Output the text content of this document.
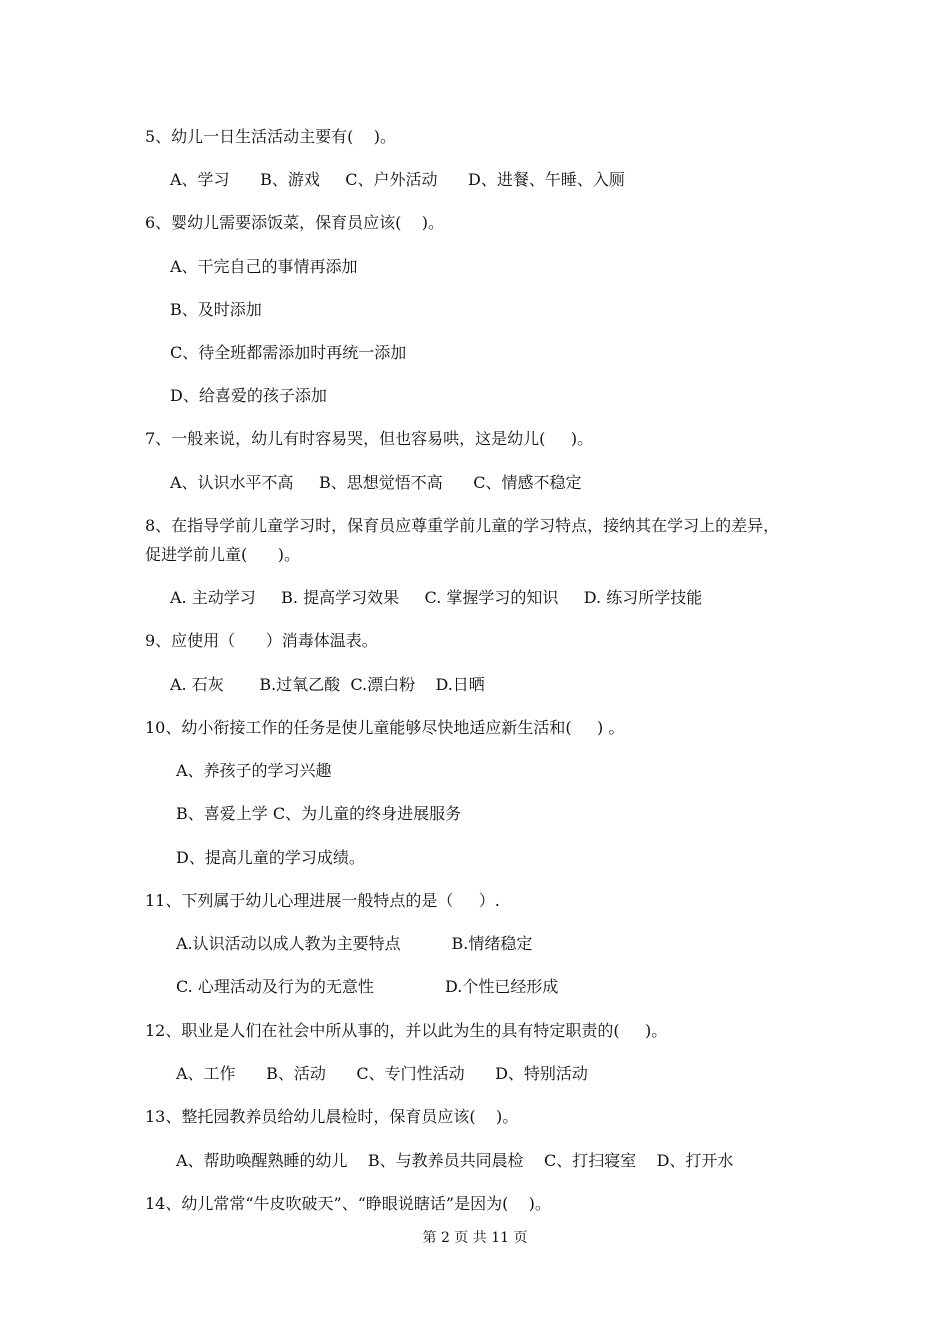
5、幼儿一日生活活动主要有(    )。
A、学习      B、游戏     C、户外活动      D、进餐、午睡、入厕
6、婴幼儿需要添饭菜，保育员应该(    )。
A、干完自己的事情再添加
B、及时添加
C、待全班都需添加时再统一添加
D、给喜爱的孩子添加
7、一般来说，幼儿有时容易哭，但也容易哄，这是幼儿(     )。
A、认识水平不高     B、思想觉悟不高      C、情感不稳定
8、在指导学前儿童学习时，保育员应尊重学前儿童的学习特点，接纳其在学习上的差异，
促进学前儿童(      )。
A. 主动学习     B. 提高学习效果     C. 掌握学习的知识     D. 练习所学技能
9、应使用（      ）消毒体温表。
A. 石灰       B.过氧乙酸  C.漂白粉    D.日晒
10、幼小衔接工作的任务是使儿童能够尽快地适应新生活和(     ) 。
A、养孩子的学习兴趣
B、喜爱上学 C、为儿童的终身进展服务
D、提高儿童的学习成绩。
11、下列属于幼儿心理进展一般特点的是（     ）.
A.认识活动以成人教为主要特点          B.情绪稳定
C. 心理活动及行为的无意性              D.个性已经形成
12、职业是人们在社会中所从事的，并以此为生的具有特定职责的(     )。
A、工作      B、活动      C、专门性活动      D、特别活动
13、整托园教养员给幼儿晨检时，保育员应该(    )。
A、帮助唤醒熟睡的幼儿    B、与教养员共同晨检    C、打扫寝室    D、打开水
14、幼儿常常“牛皮吹破天”、“睁眼说瞎话”是因为(    )。
第 2 页 共 11 页
